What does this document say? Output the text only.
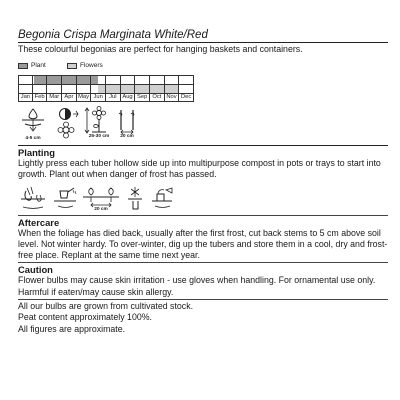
Begonia Crispa Marginata White/Red
These colourful begonias are perfect for hanging baskets and containers.
Plant	Flowers
Jan Feb Mar Apr May Jun	Jul Aug Sep Oct Nov Dec
4-5 cm	25-30 cm	20 cm
Planting
Lightly press each tuber hollow side up into multipurpose compost in pots or trays to start into growth. Plant out when danger of frost has passed.
20 cm
Aftercare
When the foliage has died back, usually after the first frost, cut back stems to 5 cm above soil level. Not winter hardy. To over-winter, dig up the tubers and store them in a cool, dry and frost-free place. Replant at the same time next year.
Caution
Flower bulbs may cause skin irritation - use gloves when handling. For ornamental use only. Harmful if eaten/may cause skin allergy.
All our bulbs are grown from cultivated stock.
Peat content approximately 100%.
All figures are approximate.
